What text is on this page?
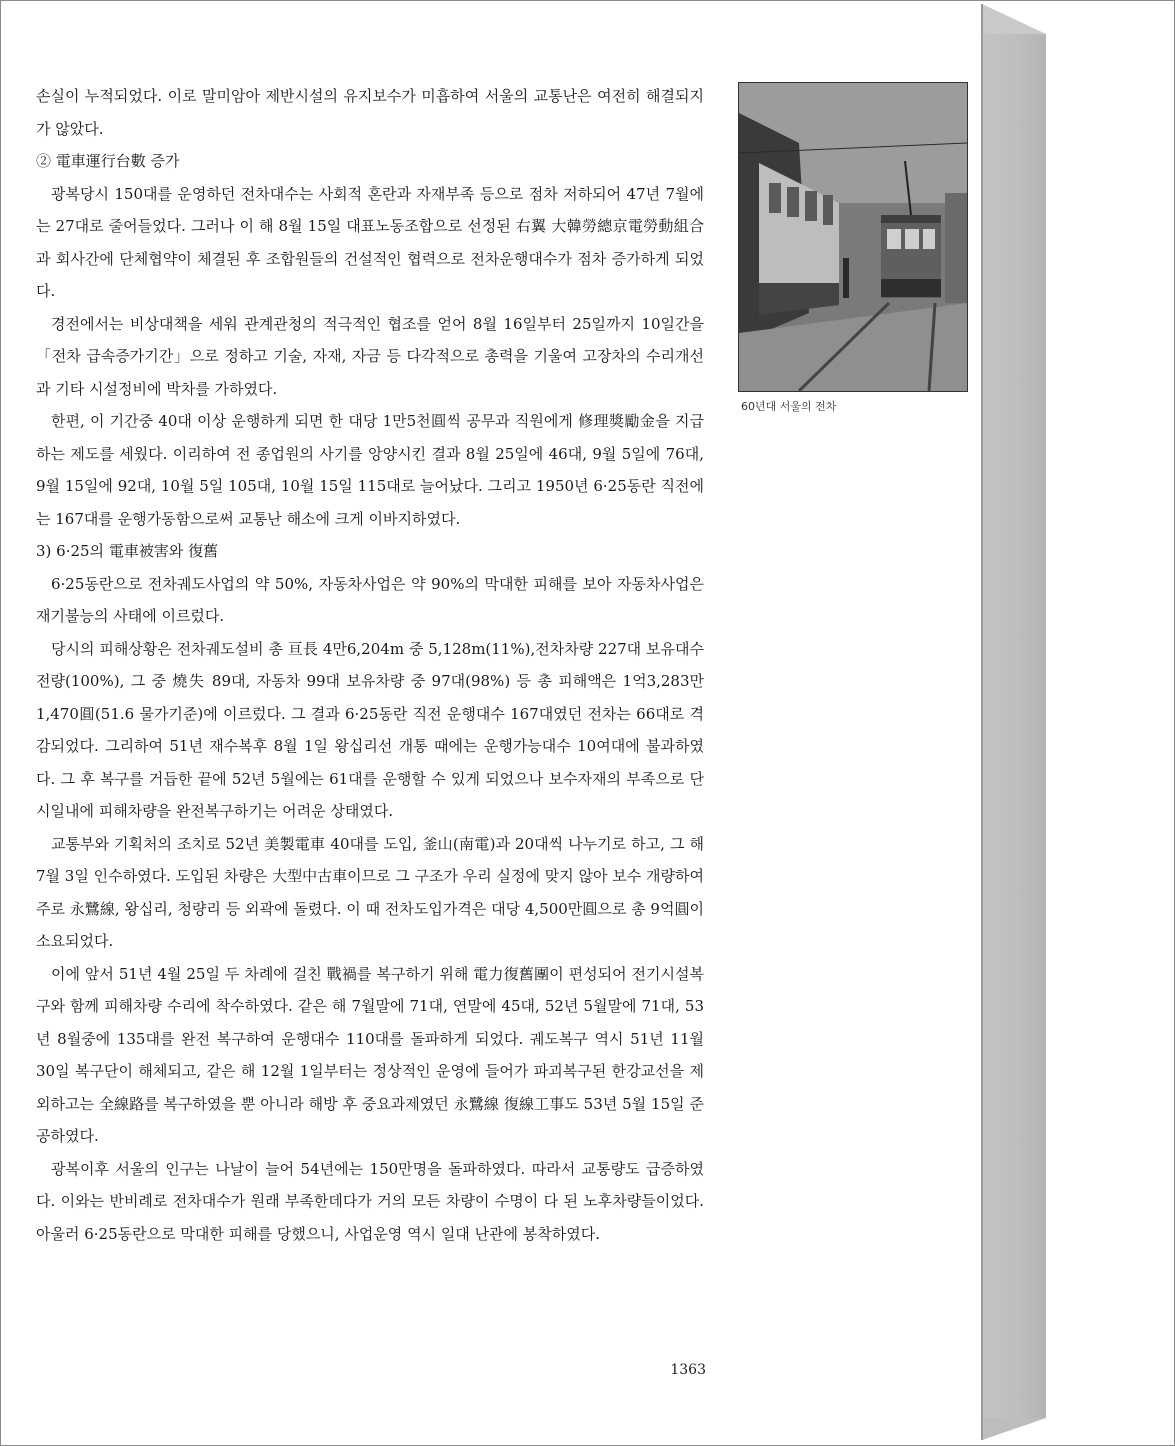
손실이 누적되었다. 이로 말미암아 제반시설의 유지보수가 미흡하여 서울의 교통난은 여전히 해결되지가 않았다.

② 電車運行台數 증가

광복당시 150대를 운영하던 전차대수는 사회적 혼란과 자재부족 등으로 점차 저하되어 47년 7월에는 27대로 줄어들었다. 그러나 이 해 8월 15일 대표노동조합으로 선정된 右翼 大韓勞總京電勞動組合과 회사간에 단체협약이 체결된 후 조합원들의 건설적인 협력으로 전차운행대수가 점차 증가하게 되었다.

경전에서는 비상대책을 세워 관계관청의 적극적인 협조를 얻어 8월 16일부터 25일까지 10일간을 「전차 급속증가기간」으로 정하고 기술, 자재, 자금 등 다각적으로 총력을 기울여 고장차의 수리개선과 기타 시설정비에 박차를 가하였다.

한편, 이 기간중 40대 이상 운행하게 되면 한 대당 1만5천圓씩 공무과 직원에게 修理獎勵金을 지급하는 제도를 세웠다. 이리하여 전 종업원의 사기를 앙양시킨 결과 8월 25일에 46대, 9월 5일에 76대, 9월 15일에 92대, 10월 5일 105대, 10월 15일 115대로 늘어났다. 그리고 1950년 6·25동란 직전에는 167대를 운행가동함으로써 교통난 해소에 크게 이바지하였다.

3) 6·25의 電車被害와 復舊

6·25동란으로 전차궤도사업의 약 50%, 자동차사업은 약 90%의 막대한 피해를 보아 자동차사업은 재기불능의 사태에 이르렀다.

당시의 피해상황은 전차궤도설비 총 亘長 4만6,204m 중 5,128m(11%),전차차량 227대 보유대수 전량(100%), 그 중 燒失 89대, 자동차 99대 보유차량 중 97대(98%) 등 총 피해액은 1억3,283만1,470圓(51.6 물가기준)에 이르렀다. 그 결과 6·25동란 직전 운행대수 167대였던 전차는 66대로 격감되었다. 그리하여 51년 재수복후 8월 1일 왕십리선 개통 때에는 운행가능대수 10여대에 불과하였다. 그 후 복구를 거듭한 끝에 52년 5월에는 61대를 운행할 수 있게 되었으나 보수자재의 부족으로 단시일내에 피해차량을 완전복구하기는 어려운 상태였다.

교통부와 기획처의 조치로 52년 美製電車 40대를 도입, 釜山(南電)과 20대씩 나누기로 하고, 그 해 7월 3일 인수하였다. 도입된 차량은 大型中古車이므로 그 구조가 우리 실정에 맞지 않아 보수 개량하여 주로 永鷺線, 왕십리, 청량리 등 외곽에 돌렸다. 이 때 전차도입가격은 대당 4,500만圓으로 총 9억圓이 소요되었다.

이에 앞서 51년 4월 25일 두 차례에 걸친 戰禍를 복구하기 위해 電力復舊團이 편성되어 전기시설복구와 함께 피해차량 수리에 착수하였다. 같은 해 7월말에 71대, 연말에 45대, 52년 5월말에 71대, 53년 8월중에 135대를 완전 복구하여 운행대수 110대를 돌파하게 되었다. 궤도복구 역시 51년 11월 30일 복구단이 해체되고, 같은 해 12월 1일부터는 정상적인 운영에 들어가 파괴복구된 한강교선을 제외하고는 全線路를 복구하였을 뿐 아니라 해방 후 중요과제였던 永鷺線 復線工事도 53년 5월 15일 준공하였다.

광복이후 서울의 인구는 나날이 늘어 54년에는 150만명을 돌파하였다. 따라서 교통량도 급증하였다. 이와는 반비례로 전차대수가 원래 부족한데다가 거의 모든 차량이 수명이 다 된 노후차량들이었다. 아울러 6·25동란으로 막대한 피해를 당했으니, 사업운영 역시 일대 난관에 봉착하였다.

60년대 서울의 전차
1363
